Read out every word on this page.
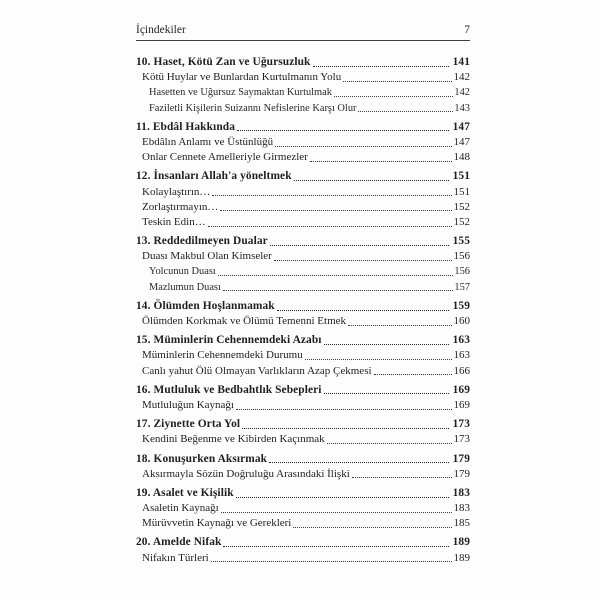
İçindekiler	7
10. Haset, Kötü Zan ve Uğursuzluk	141
Kötü Huylar ve Bunlardan Kurtulmanın Yolu	142
Hasetten ve Uğursuz Saymaktan Kurtulmak	142
Faziletli Kişilerin Suizannı Nefislerine Karşı Olur	143
11. Ebdâl Hakkında	147
Ebdâlın Anlamı ve Üstünlüğü	147
Onlar Cennete Amelleriyle Girmezler	148
12. İnsanları Allah'a yöneltmek	151
Kolaylaştırın…	151
Zorlaştırmayın…	152
Teskin Edin…	152
13. Reddedilmeyen Dualar	155
Duası Makbul Olan Kimseler	156
Yolcunun Duası	156
Mazlumun Duası	157
14. Ölümden Hoşlanmamak	159
Ölümden Korkmak ve Ölümü Temenni Etmek	160
15. Müminlerin Cehennemdeki Azabı	163
Müminlerin Cehennemdeki Durumu	163
Canlı yahut Ölü Olmayan Varlıkların Azap Çekmesi	166
16. Mutluluk ve Bedbahtlık Sebepleri	169
Mutluluğun Kaynağı	169
17. Ziynette Orta Yol	173
Kendini Beğenme ve Kibirden Kaçınmak	173
18. Konuşurken Aksırmak	179
Aksırmayla Sözün Doğruluğu Arasındaki İlişki	179
19. Asalet ve Kişilik	183
Asaletin Kaynağı	183
Mürüvvetin Kaynağı ve Gerekleri	185
20. Amelde Nifak	189
Nifakın Türleri	189
